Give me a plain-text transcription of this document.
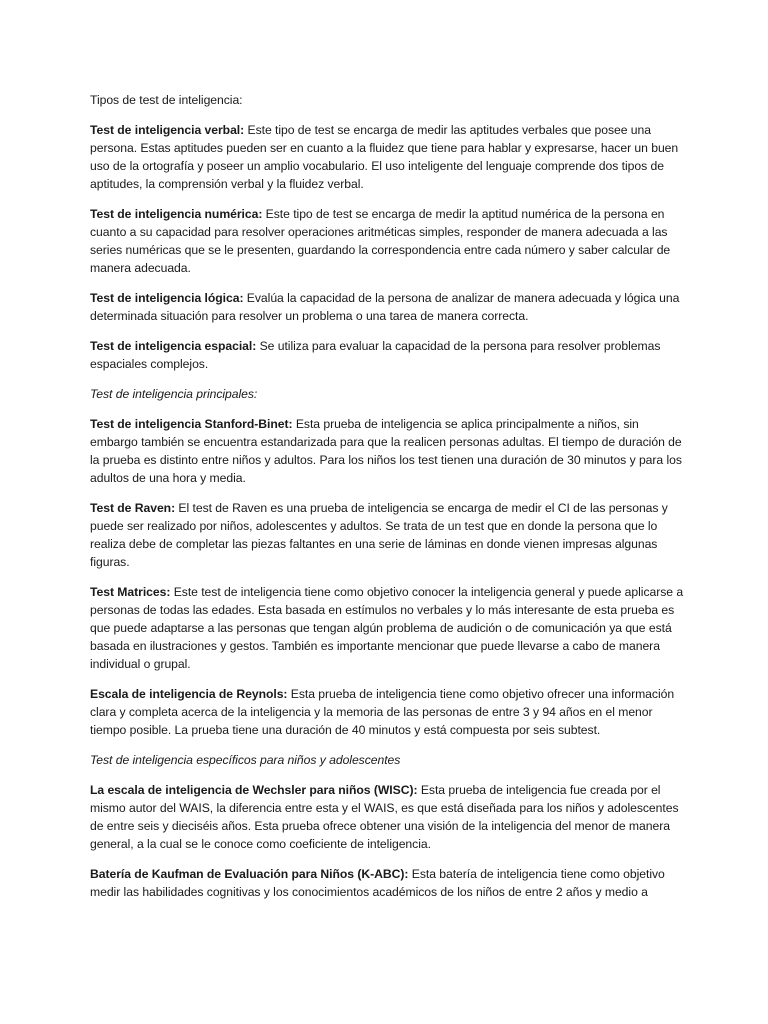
Tipos de test de inteligencia:

Test de inteligencia verbal: Este tipo de test se encarga de medir las aptitudes verbales que posee una persona. Estas aptitudes pueden ser en cuanto a la fluidez que tiene para hablar y expresarse, hacer un buen uso de la ortografía y poseer un amplio vocabulario. El uso inteligente del lenguaje comprende dos tipos de aptitudes, la comprensión verbal y la fluidez verbal.

Test de inteligencia numérica: Este tipo de test se encarga de medir la aptitud numérica de la persona en cuanto a su capacidad para resolver operaciones aritméticas simples, responder de manera adecuada a las series numéricas que se le presenten, guardando la correspondencia entre cada número y saber calcular de manera adecuada.

Test de inteligencia lógica: Evalúa la capacidad de la persona de analizar de manera adecuada y lógica una determinada situación para resolver un problema o una tarea de manera correcta.

Test de inteligencia espacial: Se utiliza para evaluar la capacidad de la persona para resolver problemas espaciales complejos.

Test de inteligencia principales:

Test de inteligencia Stanford-Binet: Esta prueba de inteligencia se aplica principalmente a niños, sin embargo también se encuentra estandarizada para que la realicen personas adultas. El tiempo de duración de la prueba es distinto entre niños y adultos. Para los niños los test tienen una duración de 30 minutos y para los adultos de una hora y media.

Test de Raven: El test de Raven es una prueba de inteligencia se encarga de medir el CI de las personas y puede ser realizado por niños, adolescentes y adultos. Se trata de un test que en donde la persona que lo realiza debe de completar las piezas faltantes en una serie de láminas en donde vienen impresas algunas figuras.

Test Matrices: Este test de inteligencia tiene como objetivo conocer la inteligencia general y puede aplicarse a personas de todas las edades. Esta basada en estímulos no verbales y lo más interesante de esta prueba es que puede adaptarse a las personas que tengan algún problema de audición o de comunicación ya que está basada en ilustraciones y gestos. También es importante mencionar que puede llevarse a cabo de manera individual o grupal.

Escala de inteligencia de Reynols: Esta prueba de inteligencia tiene como objetivo ofrecer una información clara y completa acerca de la inteligencia y la memoria de las personas de entre 3 y 94 años en el menor tiempo posible. La prueba tiene una duración de 40 minutos y está compuesta por seis subtest.

Test de inteligencia específicos para niños y adolescentes

La escala de inteligencia de Wechsler para niños (WISC): Esta prueba de inteligencia fue creada por el mismo autor del WAIS, la diferencia entre esta y el WAIS, es que está diseñada para los niños y adolescentes de entre seis y dieciséis años. Esta prueba ofrece obtener una visión de la inteligencia del menor de manera general, a la cual se le conoce como coeficiente de inteligencia.

Batería de Kaufman de Evaluación para Niños (K-ABC): Esta batería de inteligencia tiene como objetivo medir las habilidades cognitivas y los conocimientos académicos de los niños de entre 2 años y medio a
